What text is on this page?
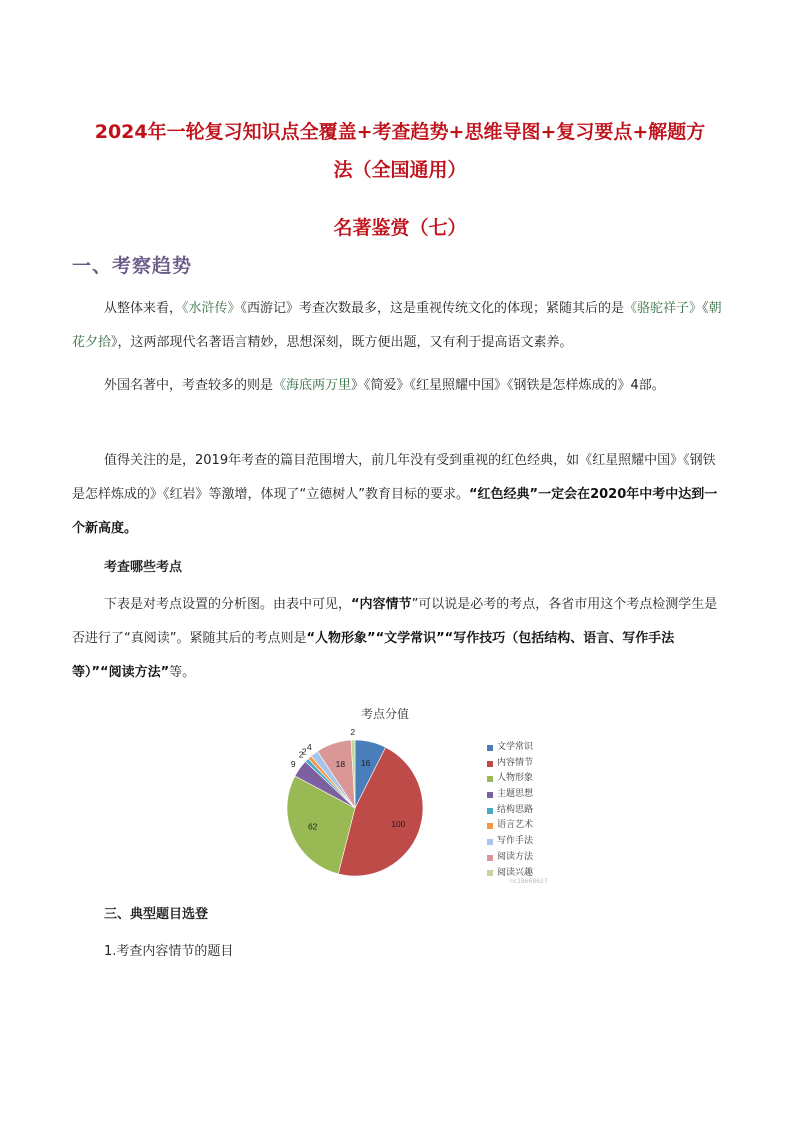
2024年一轮复习知识点全覆盖+考查趋势+思维导图+复习要点+解题方
法（全国通用）
名著鉴赏（七）
一、考察趋势

从整体来看，《水浒传》《西游记》考查次数最多，这是重视传统文化的体现；紧随其后的是《骆驼祥子》《朝花夕拾》，这两部现代名著语言精妙，思想深刻，既方便出题，又有利于提高语文素养。

外国名著中，考查较多的则是《海底两万里》《简爱》《红星照耀中国》《钢铁是怎样炼成的》4部。

值得关注的是，2019年考查的篇目范围增大，前几年没有受到重视的红色经典，如《红星照耀中国》《钢铁是怎样炼成的》《红岩》等激增，体现了“立德树人”教育目标的要求。“红色经典”一定会在2020年中考中达到一个新高度。

考查哪些考点

下表是对考点设置的分析图。由表中可见，“内容情节”可以说是必考的考点，各省市用这个考点检测学生是否进行了“真阅读”。紧随其后的考点则是“人物形象”“文学常识”“写作技巧（包括结构、语言、写作手法等）”“阅读方法”等。

考点分值
16
100
62
9
2
2 4
18
2
文学常识
内容情节
人物形象
主题思想
结构思路
语言艺术
写作手法
阅读方法
阅读兴趣
nc18668627
三、典型题目选登
1.考查内容情节的题目
